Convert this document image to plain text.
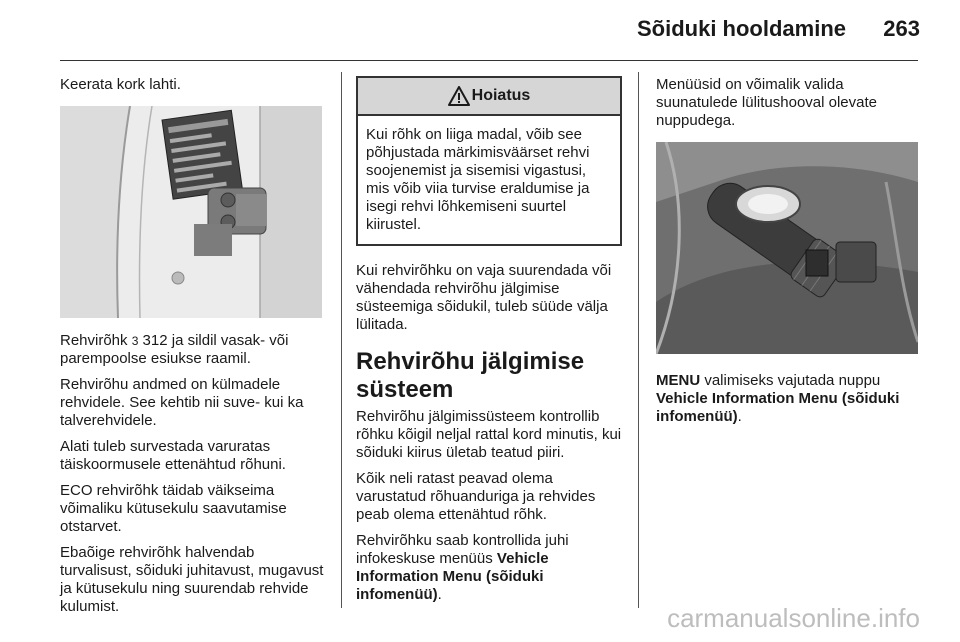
Sõiduki hooldamine 263

Keerata kork lahti.

Rehvirõhk 3 312 ja sildil vasak- või parempoolse esiukse raamil.

Rehvirõhu andmed on külmadele rehvidele. See kehtib nii suve- kui ka talverehvidele.

Alati tuleb survestada varuratas täiskoormusele ettenähtud rõhuni.

ECO rehvirõhk täidab väikseima võimaliku kütusekulu saavutamise otstarvet.

Ebaõige rehvirõhk halvendab turvalisust, sõiduki juhitavust, mugavust ja kütusekulu ning suurendab rehvide kulumist.

Hoiatus
Kui rõhk on liiga madal, võib see põhjustada märkimisväärset rehvi soojenemist ja sisemisi vigastusi, mis võib viia turvise eraldumise ja isegi rehvi lõhkemiseni suurtel kiirustel.

Kui rehvirõhku on vaja suurendada või vähendada rehvirõhu jälgimise süsteemiga sõidukil, tuleb süüde välja lülitada.

Rehvirõhu jälgimise süsteem

Rehvirõhu jälgimissüsteem kontrollib rõhku kõigil neljal rattal kord minutis, kui sõiduki kiirus ületab teatud piiri.

Kõik neli ratast peavad olema varustatud rõhuanduriga ja rehvides peab olema ettenähtud rõhk.

Rehvirõhku saab kontrollida juhi infokeskuse menüüs Vehicle Information Menu (sõiduki infomenüü).

Menüüsid on võimalik valida suunatulede lülitushooval olevate nuppudega.

MENU valimiseks vajutada nuppu Vehicle Information Menu (sõiduki infomenüü).

carmanualsonline.info
